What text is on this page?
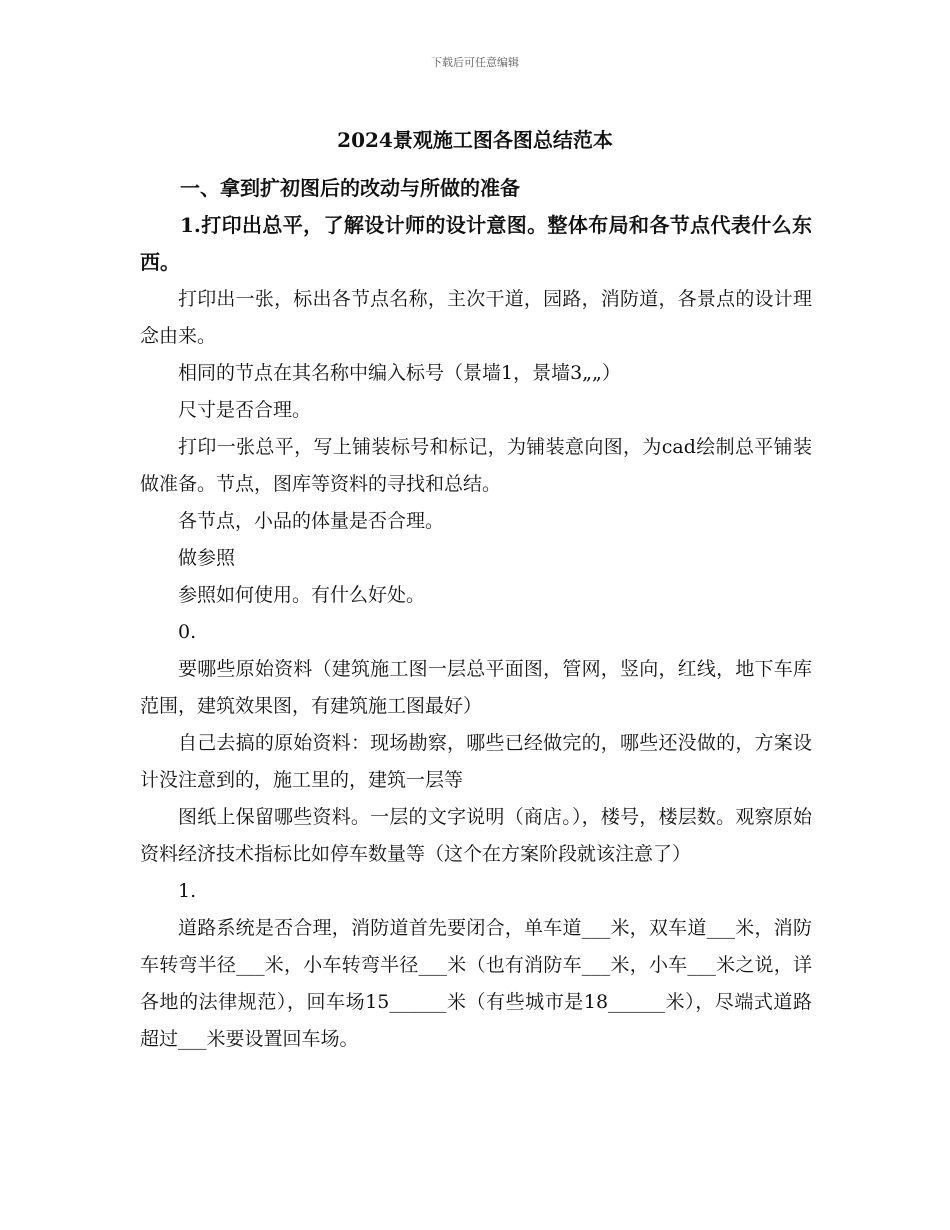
下载后可任意编辑
2024景观施工图各图总结范本

一、拿到扩初图后的改动与所做的准备

1.打印出总平，了解设计师的设计意图。整体布局和各节点代表什么东西。

打印出一张，标出各节点名称，主次干道，园路，消防道，各景点的设计理念由来。

相同的节点在其名称中编入标号（景墙1，景墙3„„）

尺寸是否合理。

打印一张总平，写上铺装标号和标记，为铺装意向图，为cad绘制总平铺装做准备。节点，图库等资料的寻找和总结。

各节点，小品的体量是否合理。

做参照

参照如何使用。有什么好处。

0.

要哪些原始资料（建筑施工图一层总平面图，管网，竖向，红线，地下车库范围，建筑效果图，有建筑施工图最好）

自己去搞的原始资料：现场勘察，哪些已经做完的，哪些还没做的，方案设计没注意到的，施工里的，建筑一层等

图纸上保留哪些资料。一层的文字说明（商店。），楼号，楼层数。观察原始资料经济技术指标比如停车数量等（这个在方案阶段就该注意了）

1.

道路系统是否合理，消防道首先要闭合，单车道___米，双车道___米，消防车转弯半径___米，小车转弯半径___米（也有消防车___米，小车___米之说，详各地的法律规范），回车场15______米（有些城市是18______米），尽端式道路超过___米要设置回车场。
